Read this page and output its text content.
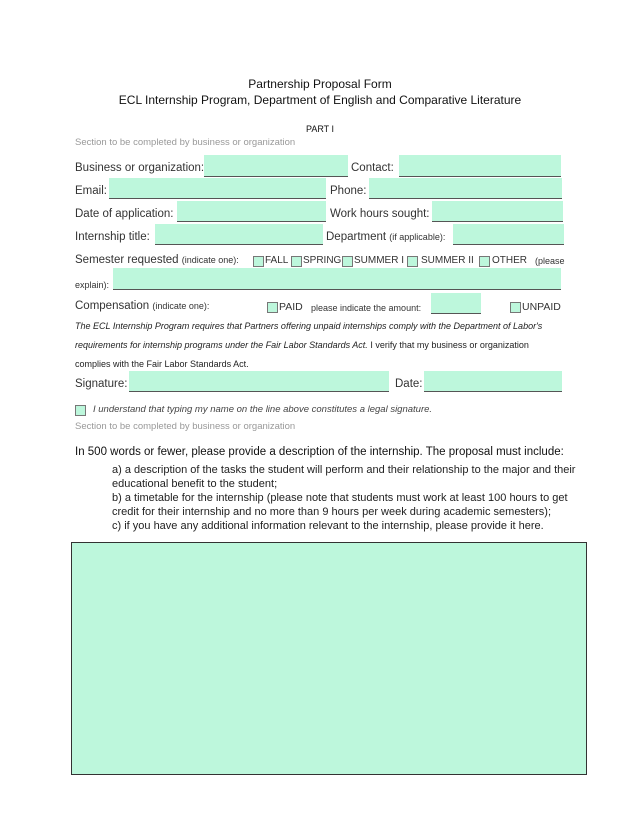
Partnership Proposal Form
ECL Internship Program, Department of English and Comparative Literature
PART I
Section to be completed by business or organization
Business or organization:	Contact:
Email:	Phone:
Date of application:	Work hours sought:
Internship title:	Department (if applicable):
Semester requested (indicate one):	FALL SPRING SUMMER I SUMMER II OTHER (please
explain):
Compensation (indicate one):	PAID please indicate the amount:	UNPAID
The ECL Internship Program requires that Partners offering unpaid internships comply with the Department of Labor's
requirements for internship programs under the Fair Labor Standards Act. I verify that my business or organization
complies with the Fair Labor Standards Act.
Signature:	Date:
I understand that typing my name on the line above constitutes a legal signature.
Section to be completed by business or organization
In 500 words or fewer, please provide a description of the internship. The proposal must include:
a) a description of the tasks the student will perform and their relationship to the major and their
educational benefit to the student;
b) a timetable for the internship (please note that students must work at least 100 hours to get
credit for their internship and no more than 9 hours per week during academic semesters);
c) if you have any additional information relevant to the internship, please provide it here.
